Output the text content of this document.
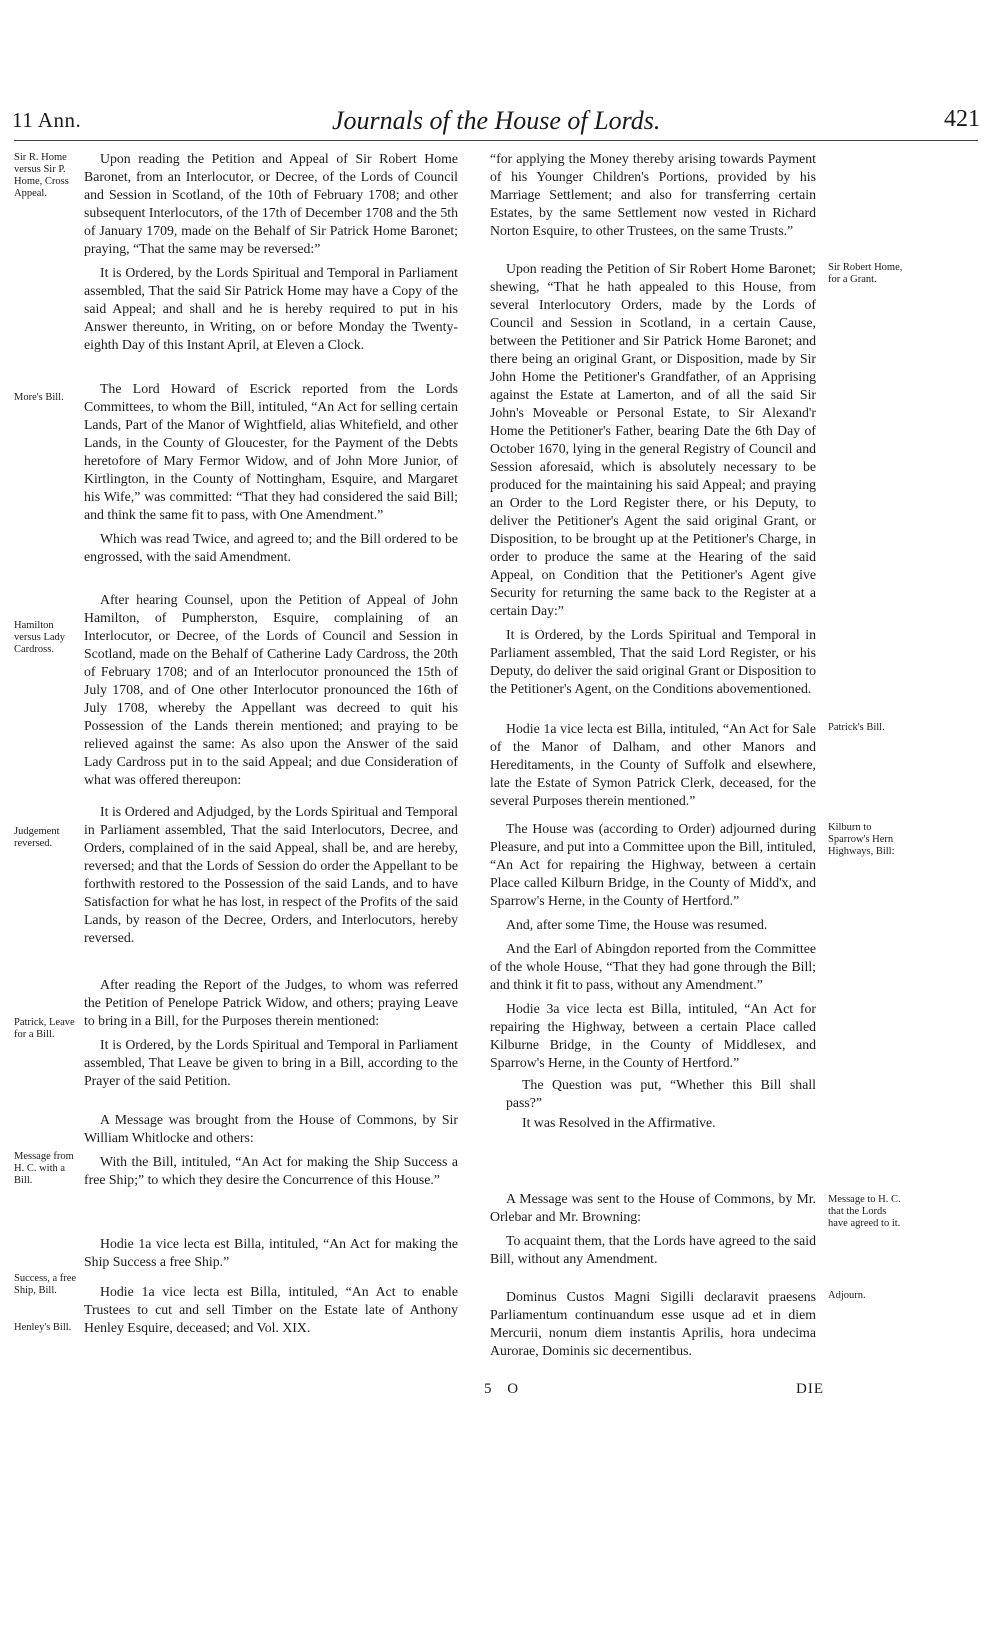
11 Ann.	Journals of the House of Lords.	421

Upon reading the Petition and Appeal of Sir Robert Home Baronet, from an Interlocutor, or Decree, of the Lords of Council and Session in Scotland, of the 10th of February 1708; and other subsequent Interlocutors, of the 17th of December 1708 and the 5th of January 1709, made on the Behalf of Sir Patrick Home Baronet; praying, “That the same may be reversed:”

It is Ordered, by the Lords Spiritual and Temporal in Parliament assembled, That the said Sir Patrick Home may have a Copy of the said Appeal; and shall and he is hereby required to put in his Answer thereunto, in Writing, on or before Monday the Twenty-eighth Day of this Instant April, at Eleven a Clock.

The Lord Howard of Escrick reported from the Lords Committees, to whom the Bill, intituled, “An Act for selling certain Lands, Part of the Manor of Wightfield, alias Whitefield, and other Lands, in the County of Gloucester, for the Payment of the Debts heretofore of Mary Fermor Widow, and of John More Junior, of Kirtlington, in the County of Nottingham, Esquire, and Margaret his Wife,” was committed: “That they had considered the said Bill; and think the same fit to pass, with One Amendment.”

Which was read Twice, and agreed to; and the Bill ordered to be engrossed, with the said Amendment.

After hearing Counsel, upon the Petition of Appeal of John Hamilton, of Pumpherston, Esquire, complaining of an Interlocutor, or Decree, of the Lords of Council and Session in Scotland, made on the Behalf of Catherine Lady Cardross, the 20th of February 1708; and of an Interlocutor pronounced the 15th of July 1708, and of One other Interlocutor pronounced the 16th of July 1708, whereby the Appellant was decreed to quit his Possession of the Lands therein mentioned; and praying to be relieved against the same: As also upon the Answer of the said Lady Cardross put in to the said Appeal; and due Consideration of what was offered thereupon:

It is Ordered and Adjudged, by the Lords Spiritual and Temporal in Parliament assembled, That the said Interlocutors, Decree, and Orders, complained of in the said Appeal, shall be, and are hereby, reversed; and that the Lords of Session do order the Appellant to be forthwith restored to the Possession of the said Lands, and to have Satisfaction for what he has lost, in respect of the Profits of the said Lands, by reason of the Decree, Orders, and Interlocutors, hereby reversed.

After reading the Report of the Judges, to whom was referred the Petition of Penelope Patrick Widow, and others; praying Leave to bring in a Bill, for the Purposes therein mentioned:

It is Ordered, by the Lords Spiritual and Temporal in Parliament assembled, That Leave be given to bring in a Bill, according to the Prayer of the said Petition.

A Message was brought from the House of Commons, by Sir William Whitlocke and others:

With the Bill, intituled, “An Act for making the Ship Success a free Ship;” to which they desire the Concurrence of this House.”

Hodie 1a vice lecta est Billa, intituled, “An Act for making the Ship Success a free Ship.”

Hodie 1a vice lecta est Billa, intituled, “An Act to enable Trustees to cut and sell Timber on the Estate late of Anthony Henley Esquire, deceased; and Vol. XIX.

Sir R. Home versus Sir P. Home, Cross Appeal.
More's Bill.
Hamilton versus Lady Cardross.
Judgement reversed.
Patrick, Leave for a Bill.
Message from H. C. with a Bill.
Success, a free Ship, Bill.
Henley's Bill.

“for applying the Money thereby arising towards Payment of his Younger Children's Portions, provided by his Marriage Settlement; and also for transferring certain Estates, by the same Settlement now vested in Richard Norton Esquire, to other Trustees, on the same Trusts.”

Upon reading the Petition of Sir Robert Home Baronet; shewing, “That he hath appealed to this House, from several Interlocutory Orders, made by the Lords of Council and Session in Scotland, in a certain Cause, between the Petitioner and Sir Patrick Home Baronet; and there being an original Grant, or Disposition, made by Sir John Home the Petitioner's Grandfather, of an Apprising against the Estate at Lamerton, and of all the said Sir John's Moveable or Personal Estate, to Sir Alexand'r Home the Petitioner's Father, bearing Date the 6th Day of October 1670, lying in the general Registry of Council and Session aforesaid, which is absolutely necessary to be produced for the maintaining his said Appeal; and praying an Order to the Lord Register there, or his Deputy, to deliver the Petitioner's Agent the said original Grant, or Disposition, to be brought up at the Petitioner's Charge, in order to produce the same at the Hearing of the said Appeal, on Condition that the Petitioner's Agent give Security for returning the same back to the Register at a certain Day:”

It is Ordered, by the Lords Spiritual and Temporal in Parliament assembled, That the said Lord Register, or his Deputy, do deliver the said original Grant or Disposition to the Petitioner's Agent, on the Conditions abovementioned.

Hodie 1a vice lecta est Billa, intituled, “An Act for Sale of the Manor of Dalham, and other Manors and Hereditaments, in the County of Suffolk and elsewhere, late the Estate of Symon Patrick Clerk, deceased, for the several Purposes therein mentioned.”

The House was (according to Order) adjourned during Pleasure, and put into a Committee upon the Bill, intituled, “An Act for repairing the Highway, between a certain Place called Kilburn Bridge, in the County of Midd'x, and Sparrow's Herne, in the County of Hertford.”

And, after some Time, the House was resumed.

And the Earl of Abingdon reported from the Committee of the whole House, “That they had gone through the Bill; and think it fit to pass, without any Amendment.”

Hodie 3a vice lecta est Billa, intituled, “An Act for repairing the Highway, between a certain Place called Kilburne Bridge, in the County of Middlesex, and Sparrow's Herne, in the County of Hertford.”

The Question was put, “Whether this Bill shall pass?”

It was Resolved in the Affirmative.

A Message was sent to the House of Commons, by Mr. Orlebar and Mr. Browning:

To acquaint them, that the Lords have agreed to the said Bill, without any Amendment.

Dominus Custos Magni Sigilli declaravit praesens Parliamentum continuandum esse usque ad et in diem Mercurii, nonum diem instantis Aprilis, hora undecima Aurorae, Dominis sic decernentibus.

Sir Robert Home, for a Grant.
Patrick's Bill.
Kilburn to Sparrow's Hern Highways, Bill:
Message to H. C. that the Lords have agreed to it.
Adjourn.
5 O	DIE
